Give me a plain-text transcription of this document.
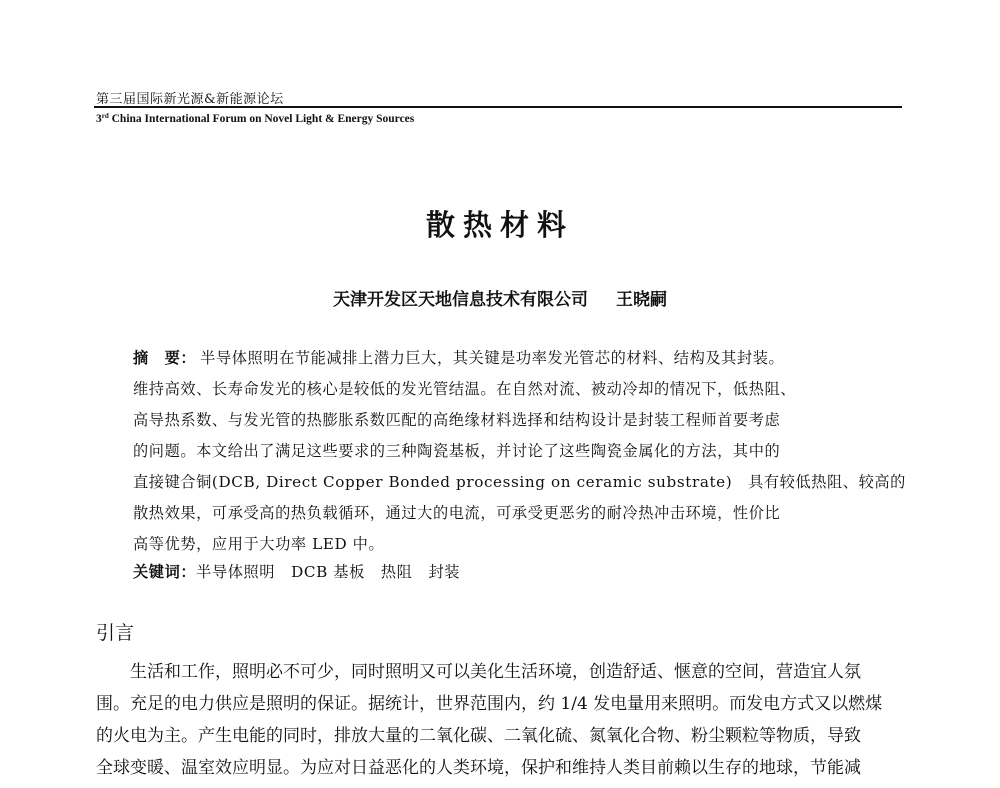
第三届国际新光源&新能源论坛
3rd China International Forum on Novel Light & Energy Sources
散热材料
天津开发区天地信息技术有限公司 王晓嗣
摘　要： 半导体照明在节能减排上潜力巨大，其关键是功率发光管芯的材料、结构及其封装。
维持高效、长寿命发光的核心是较低的发光管结温。在自然对流、被动冷却的情况下，低热阻、
高导热系数、与发光管的热膨胀系数匹配的高绝缘材料选择和结构设计是封装工程师首要考虑
的问题。本文给出了满足这些要求的三种陶瓷基板，并讨论了这些陶瓷金属化的方法，其中的
直接键合铜(DCB, Direct Copper Bonded processing on ceramic substrate)　具有较低热阻、较高的
散热效果，可承受高的热负载循环，通过大的电流，可承受更恶劣的耐冷热冲击环境，性价比
高等优势，应用于大功率 LED 中。
关键词：半导体照明 DCB 基板 热阻 封装
引言
生活和工作，照明必不可少，同时照明又可以美化生活环境，创造舒适、惬意的空间，营造宜人氛
围。充足的电力供应是照明的保证。据统计，世界范围内，约 1/4 发电量用来照明。而发电方式又以燃煤
的火电为主。产生电能的同时，排放大量的二氧化碳、二氧化硫、氮氧化合物、粉尘颗粒等物质，导致
全球变暖、温室效应明显。为应对日益恶化的人类环境，保护和维持人类目前赖以生存的地球，节能减
